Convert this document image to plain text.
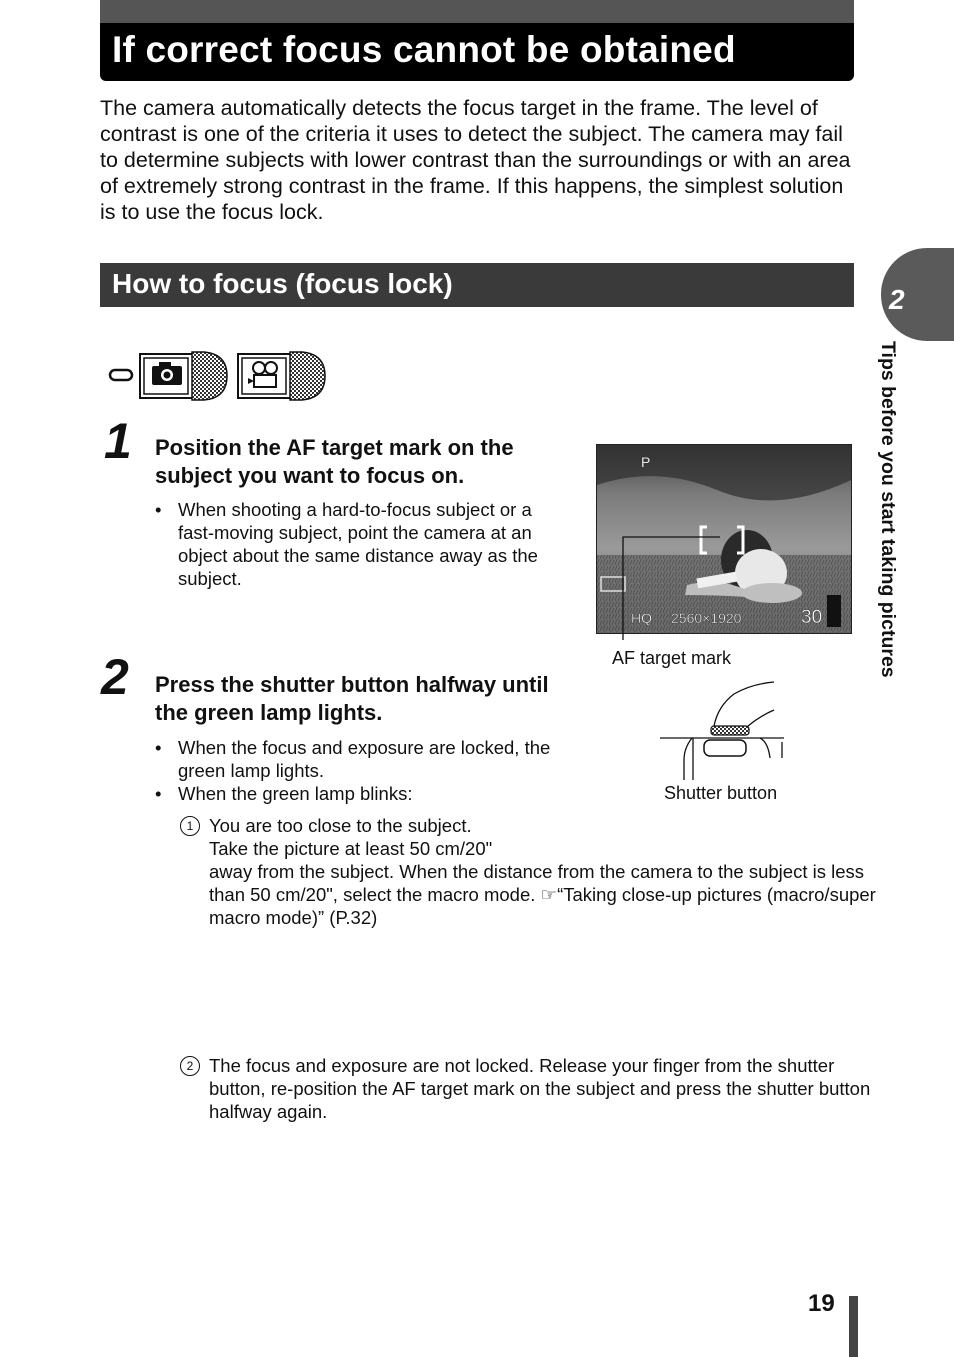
If correct focus cannot be obtained

The camera automatically detects the focus target in the frame. The level of contrast is one of the criteria it uses to detect the subject. The camera may fail to determine subjects with lower contrast than the surroundings or with an area of extremely strong contrast in the frame. If this happens, the simplest solution is to use the focus lock.

How to focus (focus lock)
2
Tips before you start taking pictures
1 Position the AF target mark on the subject you want to focus on.

• When shooting a hard-to-focus subject or a fast-moving subject, point the camera at an object about the same distance away as the subject.

P
HQ 2560×1920	30
AF target mark
2 Press the shutter button halfway until the green lamp lights.

• When the focus and exposure are locked, the green lamp lights.

• When the green lamp blinks:	Shutter button
1 You are too close to the subject.
Take the picture at least 50 cm/20"
away from the subject. When the distance from the camera to the subject is less than 50 cm/20", select the macro mode. ☞“Taking close-up pictures (macro/super macro mode)” (P.32)
2 The focus and exposure are not locked. Release your finger from the shutter button, re-position the AF target mark on the subject and press the shutter button halfway again.
19
